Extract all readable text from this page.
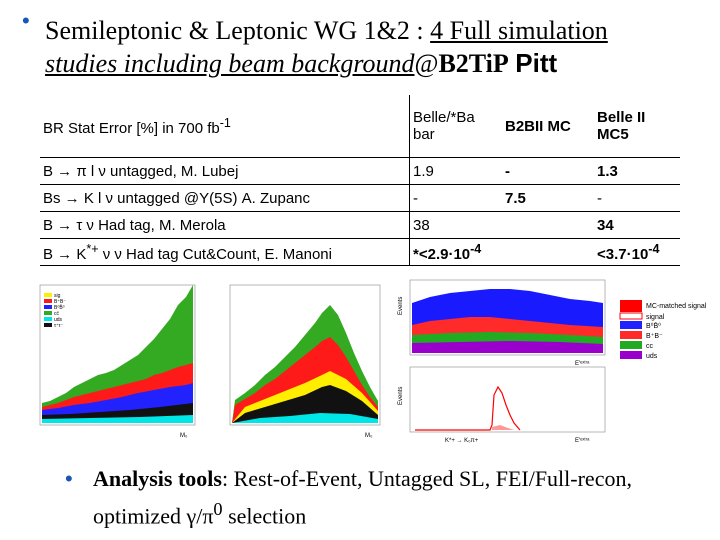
• Semileptonic & Leptonic WG 1&2 : 4 Full simulation
studies including beam background@B2TiP Pitt
BR Stat Error [%] in 700 $fb^{-1}$	Belle/*Ba bar	B2BII MC	Belle II MC5
B → π l ν untagged, M. Lubej	1.9	-	1.3
Bs → K l ν untagged @Υ(5S) A. Zupanc	-	7.5	-
B → τ ν Had tag, M. Merola	38		34
B → K*+ ν ν Had tag Cut&Count, E. Manoni	$*<2.9\cdot 10^{-4}$		$<3.7\cdot 10^{-4}$
sig
B⁺B⁻
B⁰B̄⁰
cc̄
uds
τ⁺τ⁻
M₀	M₀
Events
E'ᵉˣᵗʳᵃ
Events
E'ᵉˣᵗʳᵃ
K*+ → K₀π+
MC-matched signal
signal
B⁰B̄⁰
B⁺B⁻
cc
uds
• Analysis tools: Rest-of-Event, Untagged SL, FEI/Full-recon, optimized $\gamma/\pi^0$ selection
